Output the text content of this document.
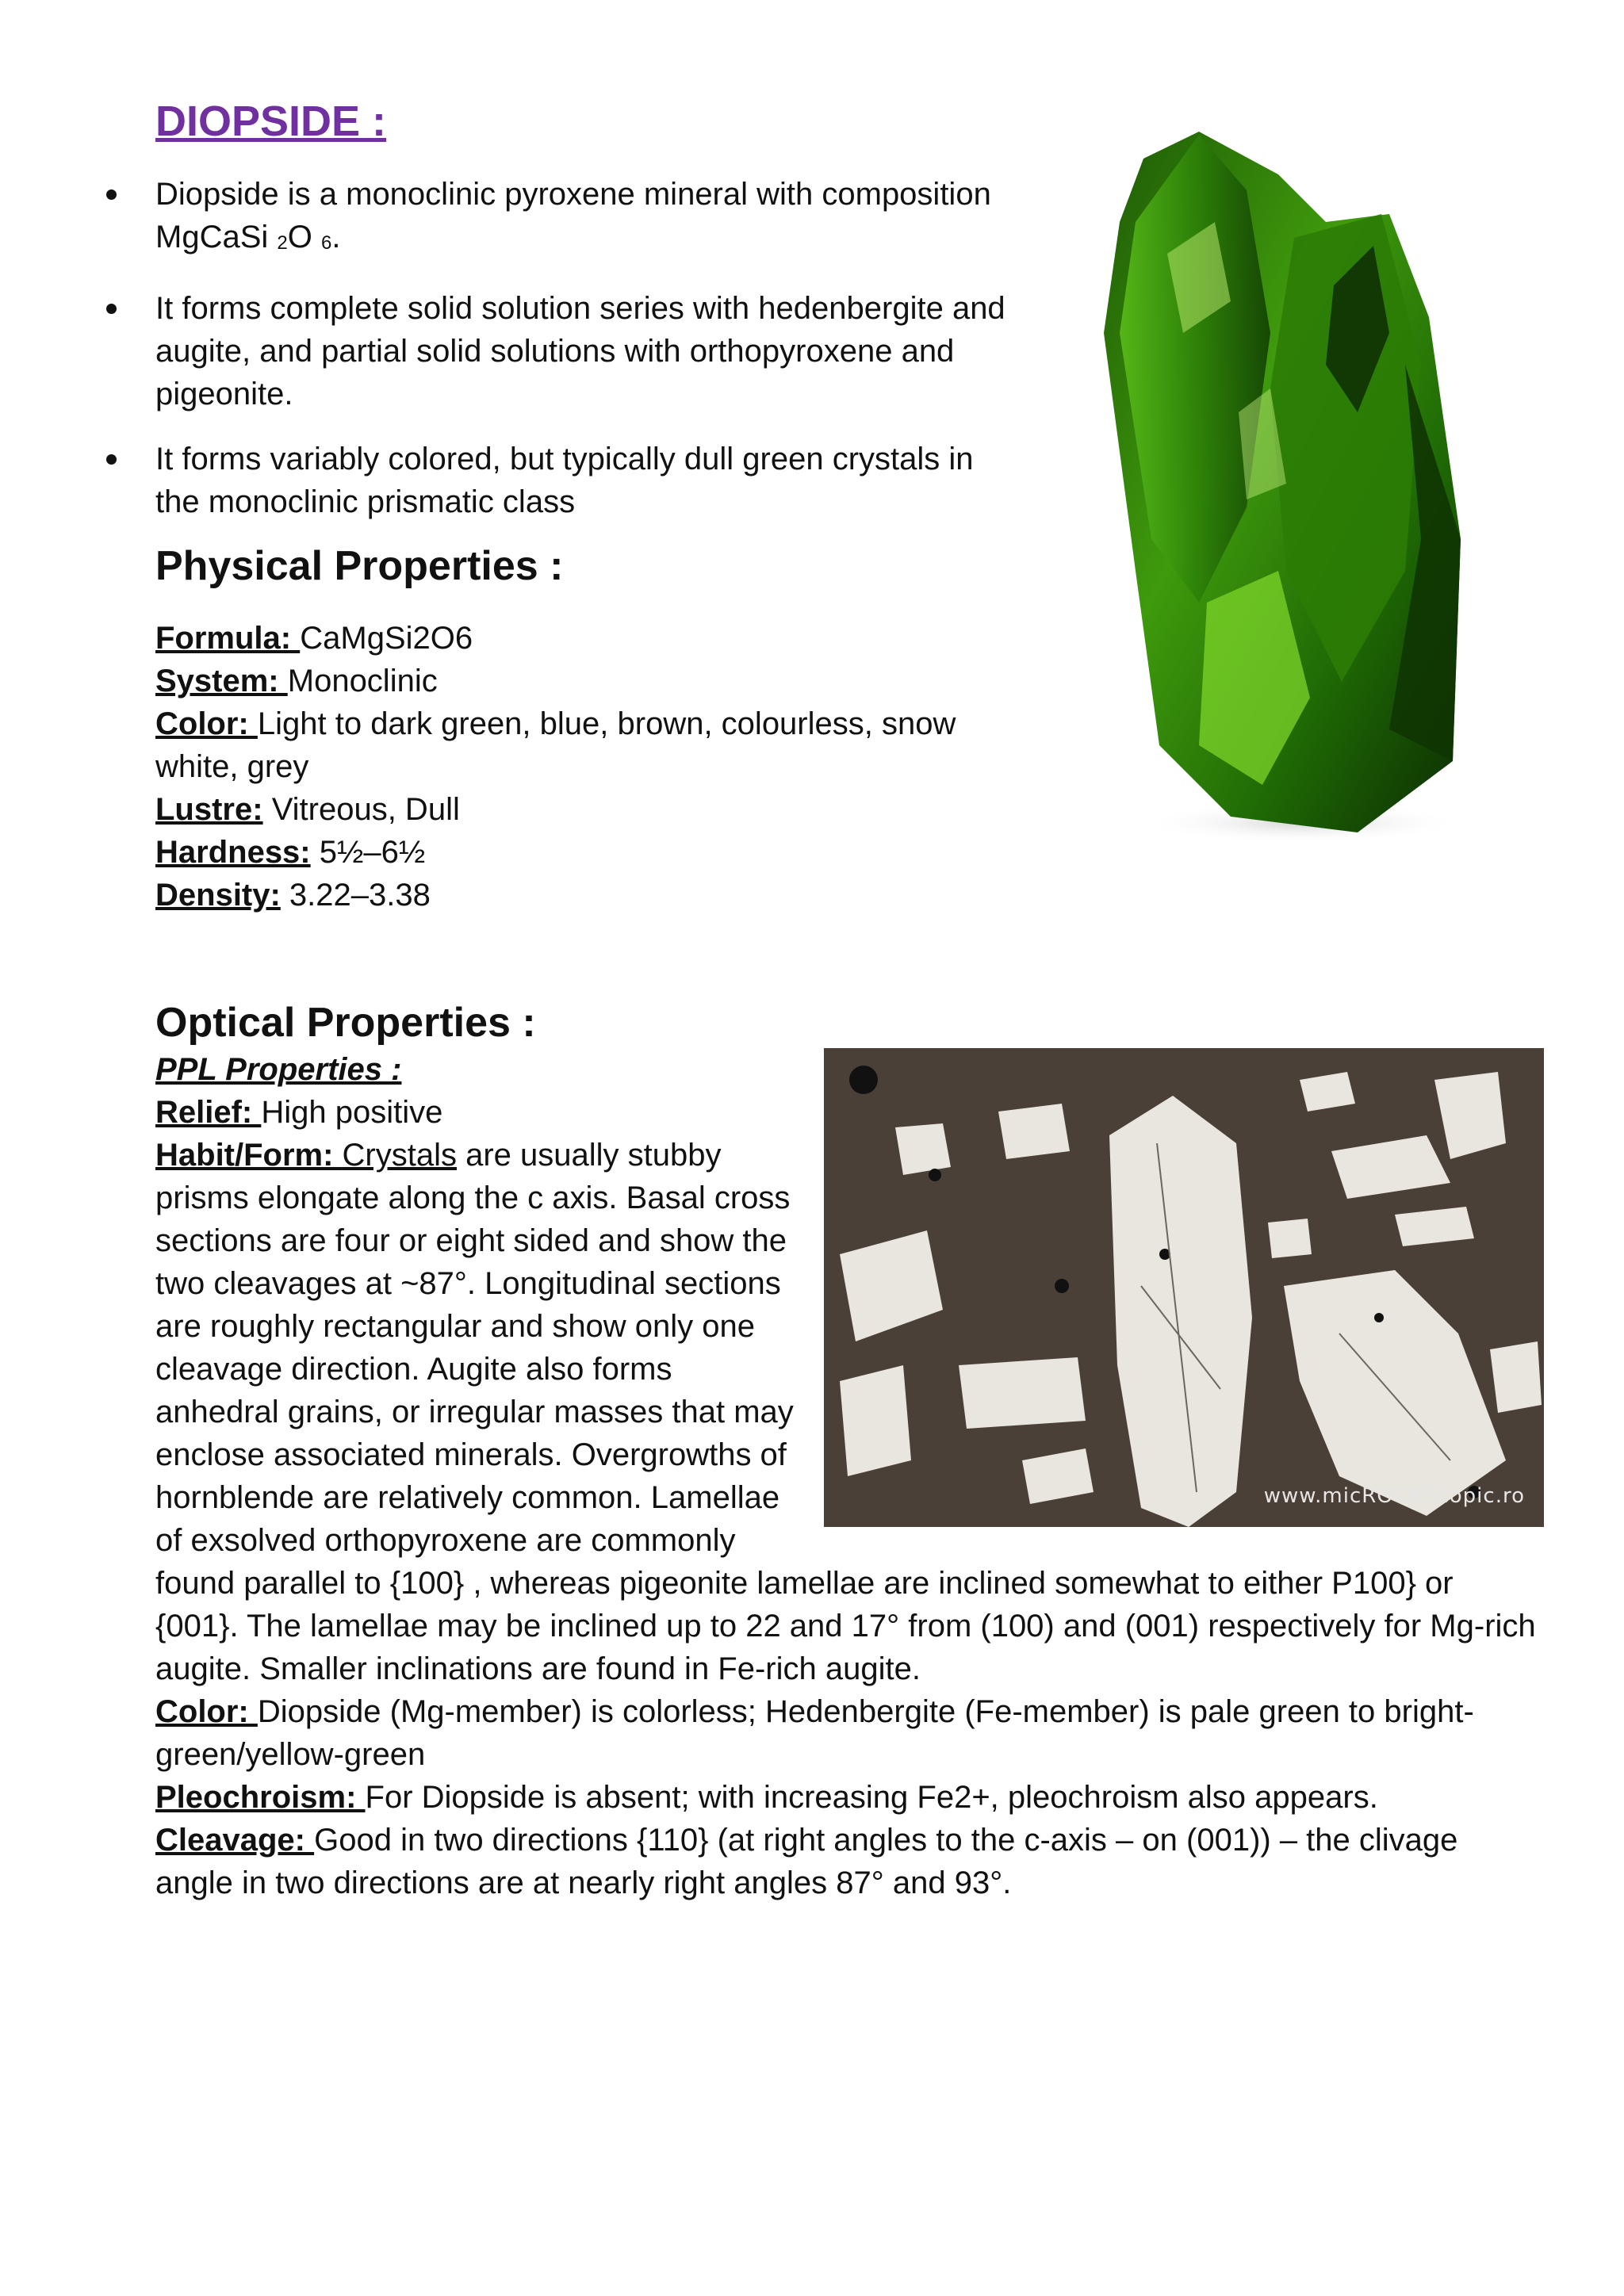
DIOPSIDE :
Diopside is a monoclinic pyroxene mineral with composition MgCaSi $_2$O $_6$.
It forms complete solid solution series with hedenbergite and augite, and partial solid solutions with orthopyroxene and pigeonite.
It forms variably colored, but typically dull green crystals in the monoclinic prismatic class
Physical Properties :
Formula: CaMgSi2O6
System: Monoclinic
Color: Light to dark green, blue, brown, colourless, snow white, grey
Lustre: Vitreous, Dull
Hardness: 5½–6½
Density: 3.22–3.38
Optical Properties :
www.micROCKScopic.ro
PPL Properties :
Relief: High positive
Habit/Form: Crystals are usually stubby prisms elongate along the c axis. Basal cross sections are four or eight sided and show the two cleavages at ~87°. Longitudinal sections are roughly rectangular and show only one cleavage direction. Augite also forms anhedral grains, or irregular masses that may enclose associated minerals. Overgrowths of hornblende are relatively common. Lamellae of exsolved orthopyroxene are commonly found parallel to {100} , whereas pigeonite lamellae are inclined somewhat to either P100} or {001}. The lamellae may be inclined up to 22 and 17° from (100) and (001) respectively for Mg-rich augite. Smaller inclinations are found in Fe-rich augite.
Color: Diopside (Mg-member) is colorless; Hedenbergite (Fe-member) is pale green to bright-green/yellow-green
Pleochroism: For Diopside is absent; with increasing Fe2+, pleochroism also appears.
Cleavage: Good in two directions {110} (at right angles to the c-axis – on (001)) – the clivage angle in two directions are at nearly right angles 87° and 93°.
